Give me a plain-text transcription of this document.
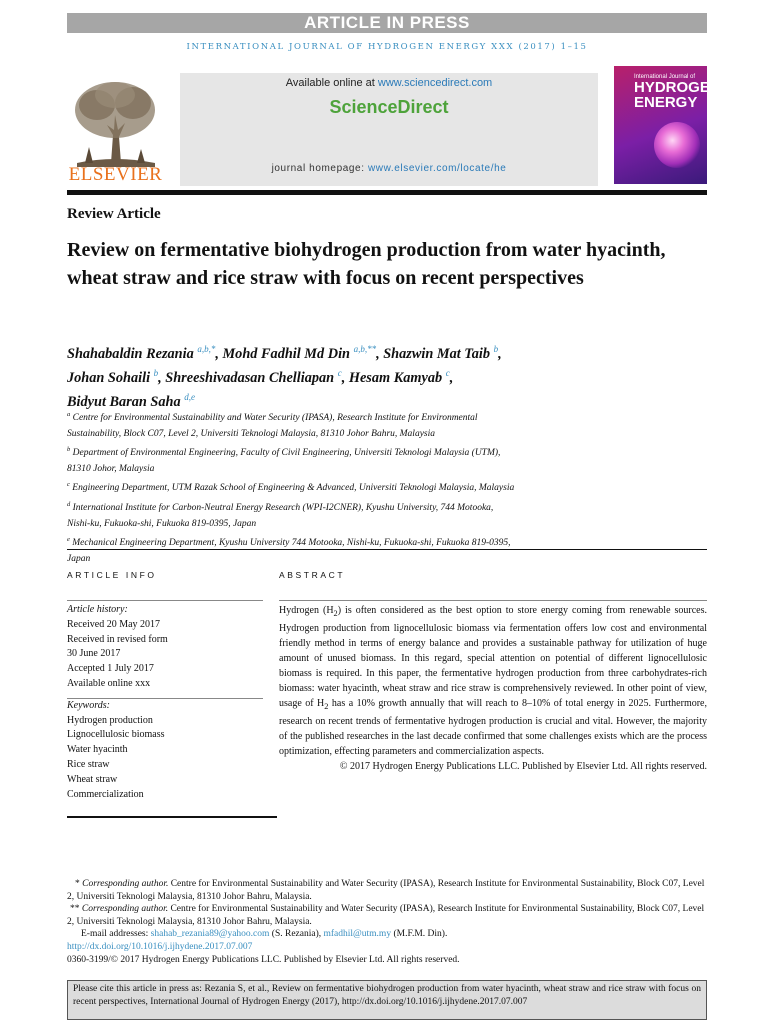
ARTICLE IN PRESS
INTERNATIONAL JOURNAL OF HYDROGEN ENERGY XXX (2017) 1–15
ELSEVIER
Available online at www.sciencedirect.com
ScienceDirect
journal homepage: www.elsevier.com/locate/he
International Journal of
HYDROGEN
ENERGY
Review Article
Review on fermentative biohydrogen production from water hyacinth, wheat straw and rice straw with focus on recent perspectives
Shahabaldin Rezania $^{a,b,*}$, Mohd Fadhil Md Din $^{a,b,**}$, Shazwin Mat Taib $^b$,
Johan Sohaili $^b$, Shreeshivadasan Chelliapan $^c$, Hesam Kamyab $^c$,
Bidyut Baran Saha $^{d,e}$
$^a$ Centre for Environmental Sustainability and Water Security (IPASA), Research Institute for Environmental
Sustainability, Block C07, Level 2, Universiti Teknologi Malaysia, 81310 Johor Bahru, Malaysia
$^b$ Department of Environmental Engineering, Faculty of Civil Engineering, Universiti Teknologi Malaysia (UTM),
81310 Johor, Malaysia
$^c$ Engineering Department, UTM Razak School of Engineering & Advanced, Universiti Teknologi Malaysia, Malaysia
$^d$ International Institute for Carbon-Neutral Energy Research (WPI-I2CNER), Kyushu University, 744 Motooka,
Nishi-ku, Fukuoka-shi, Fukuoka 819-0395, Japan
$^e$ Mechanical Engineering Department, Kyushu University 744 Motooka, Nishi-ku, Fukuoka-shi, Fukuoka 819-0395,
Japan
ARTICLE INFO	ABSTRACT
Article history:
Received 20 May 2017
Received in revised form
30 June 2017
Accepted 1 July 2017
Available online xxx
Keywords:
Hydrogen production
Lignocellulosic biomass
Water hyacinth
Rice straw
Wheat straw
Commercialization
Hydrogen $(H_2)$ is often considered as the best option to store energy coming from renewable sources. Hydrogen production from lignocellulosic biomass via fermentation offers low cost and environmental friendly method in terms of energy balance and provides a sustainable pathway for utilization of huge amount of unused biomass. In this regard, special attention on potential of different lignocellulosic biomass is required. In this paper, the fermentative hydrogen production from three carbohydrates-rich biomass: water hyacinth, wheat straw and rice straw is comprehensively reviewed. In other point of view, usage of $H_2$ has a 10% growth annually that will reach to 8–10% of total energy in 2025. Furthermore, research on recent trends of fermentative hydrogen production is crucial and vital. However, the majority of the published researches in the last decade confirmed that some challenges exists which are the process optimization, effecting parameters and commercialization aspects.
© 2017 Hydrogen Energy Publications LLC. Published by Elsevier Ltd. All rights reserved.
* Corresponding author. Centre for Environmental Sustainability and Water Security (IPASA), Research Institute for Environmental Sustainability, Block C07, Level 2, Universiti Teknologi Malaysia, 81310 Johor Bahru, Malaysia.
** Corresponding author. Centre for Environmental Sustainability and Water Security (IPASA), Research Institute for Environmental Sustainability, Block C07, Level 2, Universiti Teknologi Malaysia, 81310 Johor Bahru, Malaysia.
E-mail addresses: shahab_rezania89@yahoo.com (S. Rezania), mfadhil@utm.my (M.F.M. Din).
http://dx.doi.org/10.1016/j.ijhydene.2017.07.007
0360-3199/© 2017 Hydrogen Energy Publications LLC. Published by Elsevier Ltd. All rights reserved.
Please cite this article in press as: Rezania S, et al., Review on fermentative biohydrogen production from water hyacinth, wheat straw and rice straw with focus on recent perspectives, International Journal of Hydrogen Energy (2017), http://dx.doi.org/10.1016/j.ijhydene.2017.07.007
